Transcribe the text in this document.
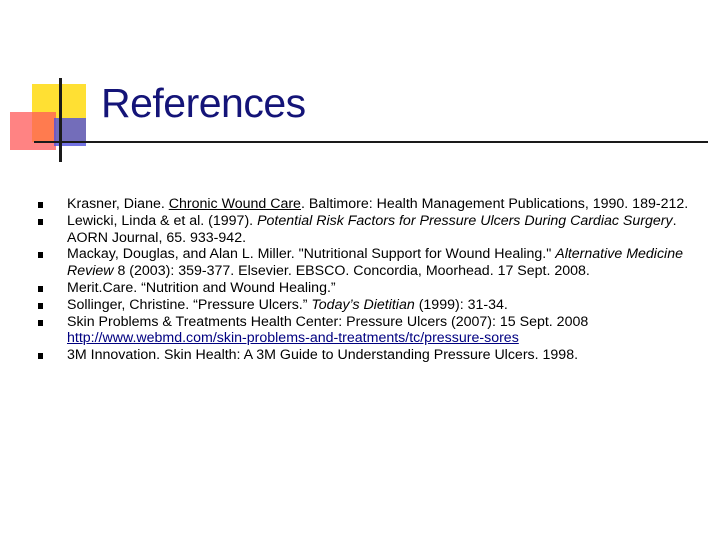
References
Krasner, Diane. Chronic Wound Care. Baltimore: Health Management Publications, 1990. 189-212.
Lewicki, Linda & et al. (1997). Potential Risk Factors for Pressure Ulcers During Cardiac Surgery. AORN Journal, 65. 933-942.
Mackay, Douglas, and Alan L. Miller. "Nutritional Support for Wound Healing." Alternative Medicine Review 8 (2003): 359-377. Elsevier. EBSCO. Concordia, Moorhead. 17 Sept. 2008.
Merit.Care. “Nutrition and Wound Healing.”
Sollinger, Christine. “Pressure Ulcers.” Today’s Dietitian (1999): 31-34.
Skin Problems & Treatments Health Center: Pressure Ulcers (2007): 15 Sept. 2008
http://www.webmd.com/skin-problems-and-treatments/tc/pressure-sores
3M Innovation. Skin Health: A 3M Guide to Understanding Pressure Ulcers. 1998.
